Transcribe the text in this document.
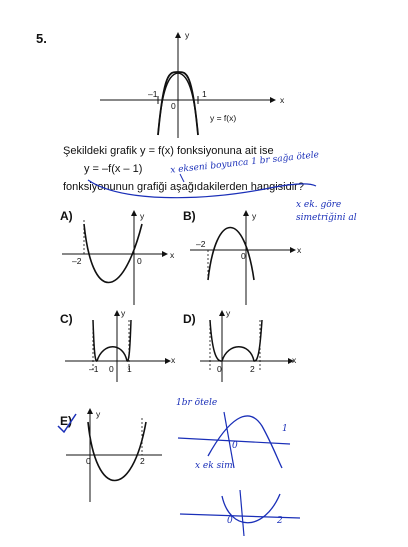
5.	y
x
–1	1
0
y = f(x)
Şekildeki grafik y = f(x) fonksiyonuna ait ise
y = –f(x – 1)
fonksiyonunun grafiği aşağıdakilerden hangisidir?
x ekseni boyunca 1 br sağa ötele
x ek. göre simetriğini al
A)	y
x
–2	0
B)	y
x
–2
0
C)	y
x
–1 0 1
D)	y
x
0	2
E)	y
0	2
1br ötele
1
0
x ek sim
0	2
